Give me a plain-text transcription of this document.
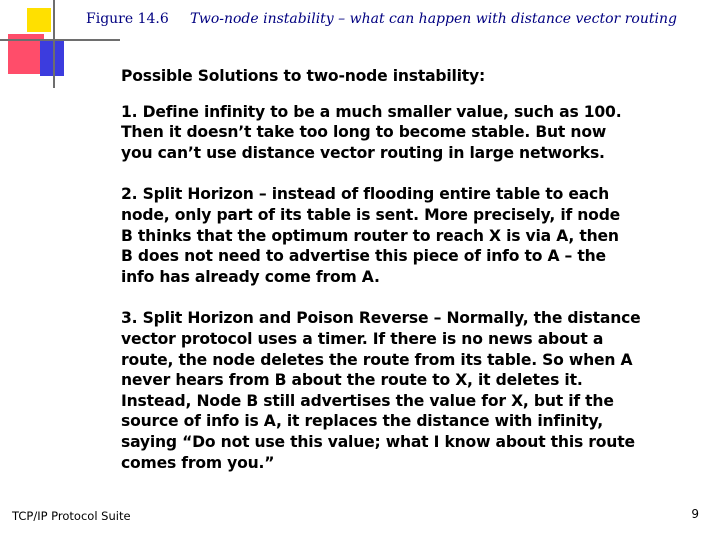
Figure 14.6 Two-node instability – what can happen with distance vector routing

Possible Solutions to two-node instability:

1. Define infinity to be a much smaller value, such as 100.
Then it doesn’t take too long to become stable. But now
you can’t use distance vector routing in large networks.

2. Split Horizon – instead of flooding entire table to each
node, only part of its table is sent. More precisely, if node
B thinks that the optimum router to reach X is via A, then
B does not need to advertise this piece of info to A – the
info has already come from A.

3. Split Horizon and Poison Reverse – Normally, the distance
vector protocol uses a timer. If there is no news about a
route, the node deletes the route from its table. So when A
never hears from B about the route to X, it deletes it.
Instead, Node B still advertises the value for X, but if the
source of info is A, it replaces the distance with infinity,
saying “Do not use this value; what I know about this route
comes from you.”

TCP/IP Protocol Suite	9
